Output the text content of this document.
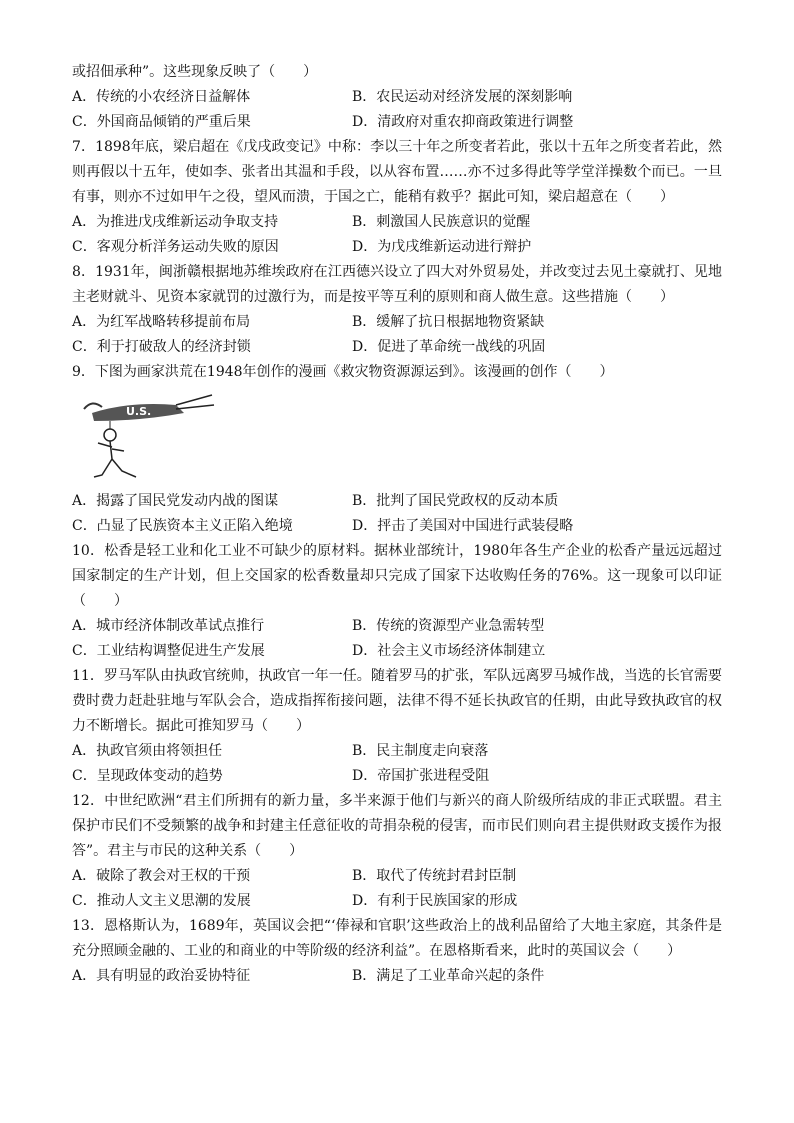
或招佃承种”。这些现象反映了（　　）
A．传统的小农经济日益解体	B．农民运动对经济发展的深刻影响
C．外国商品倾销的严重后果	D．清政府对重农抑商政策进行调整
7．1898年底，梁启超在《戊戌政变记》中称：李以三十年之所变者若此，张以十五年之所变者若此，然则再假以十五年，使如李、张者出其温和手段，以从容布置……亦不过多得此等学堂洋操数个而已。一旦有事，则亦不过如甲午之役，望风而溃，于国之亡，能稍有救乎？据此可知，梁启超意在（　　）
A．为推进戊戌维新运动争取支持	B．刺激国人民族意识的觉醒
C．客观分析洋务运动失败的原因	D．为戊戌维新运动进行辩护
8．1931年，闽浙赣根据地苏维埃政府在江西德兴设立了四大对外贸易处，并改变过去见土豪就打、见地主老财就斗、见资本家就罚的过激行为，而是按平等互利的原则和商人做生意。这些措施（　　）
A．为红军战略转移提前布局	B．缓解了抗日根据地物资紧缺
C．利于打破敌人的经济封锁	D．促进了革命统一战线的巩固
9．下图为画家洪荒在1948年创作的漫画《救灾物资源源运到》。该漫画的创作（　　）
U.S.
A．揭露了国民党发动内战的图谋	B．批判了国民党政权的反动本质
C．凸显了民族资本主义正陷入绝境	D．抨击了美国对中国进行武装侵略
10．松香是轻工业和化工业不可缺少的原材料。据林业部统计，1980年各生产企业的松香产量远远超过国家制定的生产计划，但上交国家的松香数量却只完成了国家下达收购任务的76%。这一现象可以印证（　　）
A．城市经济体制改革试点推行	B．传统的资源型产业急需转型
C．工业结构调整促进生产发展	D．社会主义市场经济体制建立
11．罗马军队由执政官统帅，执政官一年一任。随着罗马的扩张，军队远离罗马城作战，当选的长官需要费时费力赶赴驻地与军队会合，造成指挥衔接问题，法律不得不延长执政官的任期，由此导致执政官的权力不断增长。据此可推知罗马（　　）
A．执政官须由将领担任	B．民主制度走向衰落
C．呈现政体变动的趋势	D．帝国扩张进程受阻
12．中世纪欧洲“君主们所拥有的新力量，多半来源于他们与新兴的商人阶级所结成的非正式联盟。君主保护市民们不受频繁的战争和封建主任意征收的苛捐杂税的侵害，而市民们则向君主提供财政支援作为报答”。君主与市民的这种关系（　　）
A．破除了教会对王权的干预	B．取代了传统封君封臣制
C．推动人文主义思潮的发展	D．有利于民族国家的形成
13．恩格斯认为，1689年，英国议会把“‘俸禄和官职’这些政治上的战利品留给了大地主家庭，其条件是充分照顾金融的、工业的和商业的中等阶级的经济利益”。在恩格斯看来，此时的英国议会（　　）
A．具有明显的政治妥协特征	B．满足了工业革命兴起的条件
